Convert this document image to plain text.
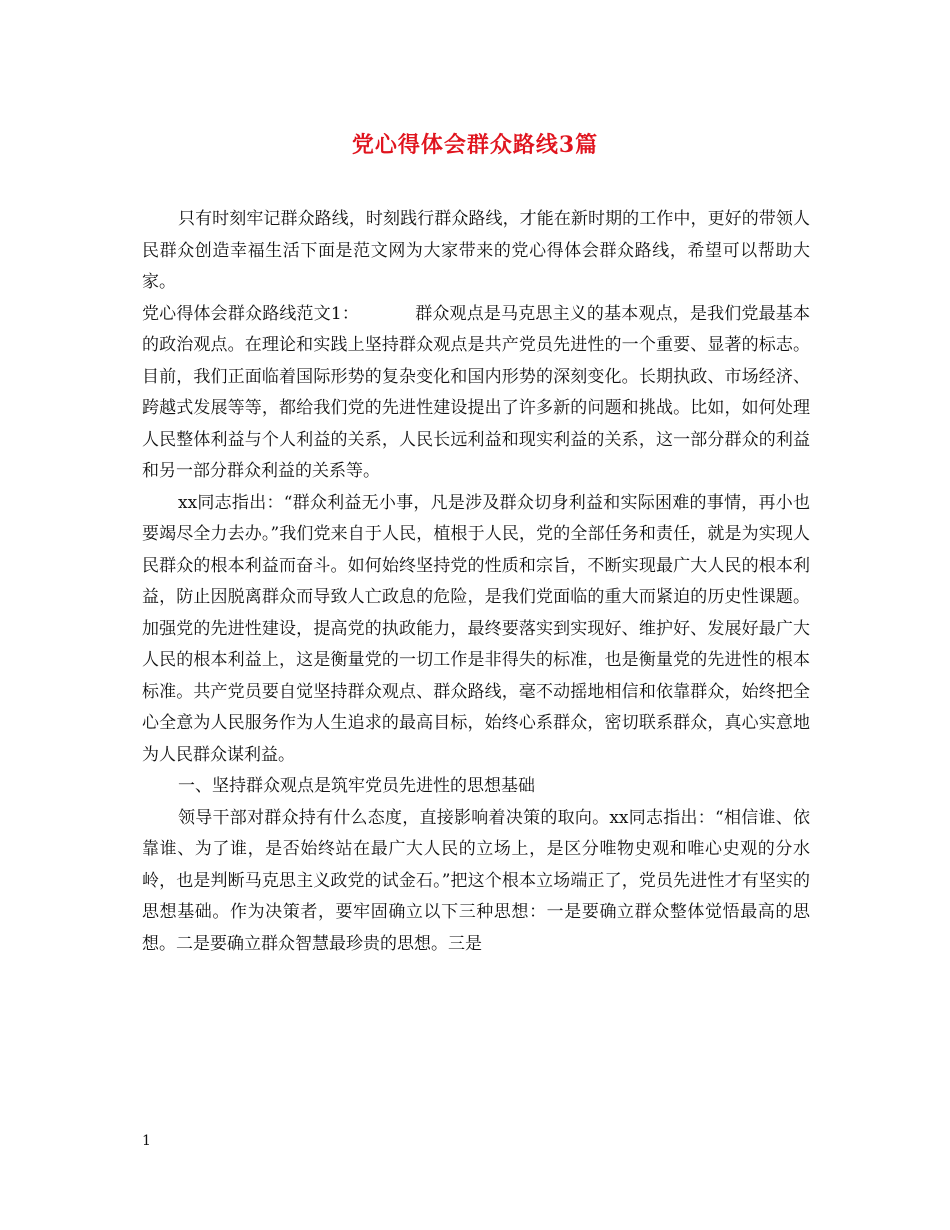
党心得体会群众路线3篇

只有时刻牢记群众路线，时刻践行群众路线，才能在新时期的工作中，更好的带领人民群众创造幸福生活下面是范文网为大家带来的党心得体会群众路线，希望可以帮助大家。

党心得体会群众路线范文1：	群众观点是马克思主义的基本观点，是我们党最基本的政治观点。在理论和实践上坚持群众观点是共产党员先进性的一个重要、显著的标志。目前，我们正面临着国际形势的复杂变化和国内形势的深刻变化。长期执政、市场经济、跨越式发展等等，都给我们党的先进性建设提出了许多新的问题和挑战。比如，如何处理人民整体利益与个人利益的关系，人民长远利益和现实利益的关系，这一部分群众的利益和另一部分群众利益的关系等。

xx同志指出：“群众利益无小事，凡是涉及群众切身利益和实际困难的事情，再小也要竭尽全力去办。”我们党来自于人民，植根于人民，党的全部任务和责任，就是为实现人民群众的根本利益而奋斗。如何始终坚持党的性质和宗旨，不断实现最广大人民的根本利益，防止因脱离群众而导致人亡政息的危险，是我们党面临的重大而紧迫的历史性课题。加强党的先进性建设，提高党的执政能力，最终要落实到实现好、维护好、发展好最广大人民的根本利益上，这是衡量党的一切工作是非得失的标准，也是衡量党的先进性的根本标准。共产党员要自觉坚持群众观点、群众路线，毫不动摇地相信和依靠群众，始终把全心全意为人民服务作为人生追求的最高目标，始终心系群众，密切联系群众，真心实意地为人民群众谋利益。

一、坚持群众观点是筑牢党员先进性的思想基础

领导干部对群众持有什么态度，直接影响着决策的取向。xx同志指出：“相信谁、依靠谁、为了谁，是否始终站在最广大人民的立场上，是区分唯物史观和唯心史观的分水岭，也是判断马克思主义政党的试金石。”把这个根本立场端正了，党员先进性才有坚实的思想基础。作为决策者，要牢固确立以下三种思想：一是要确立群众整体觉悟最高的思想。二是要确立群众智慧最珍贵的思想。三是

1
